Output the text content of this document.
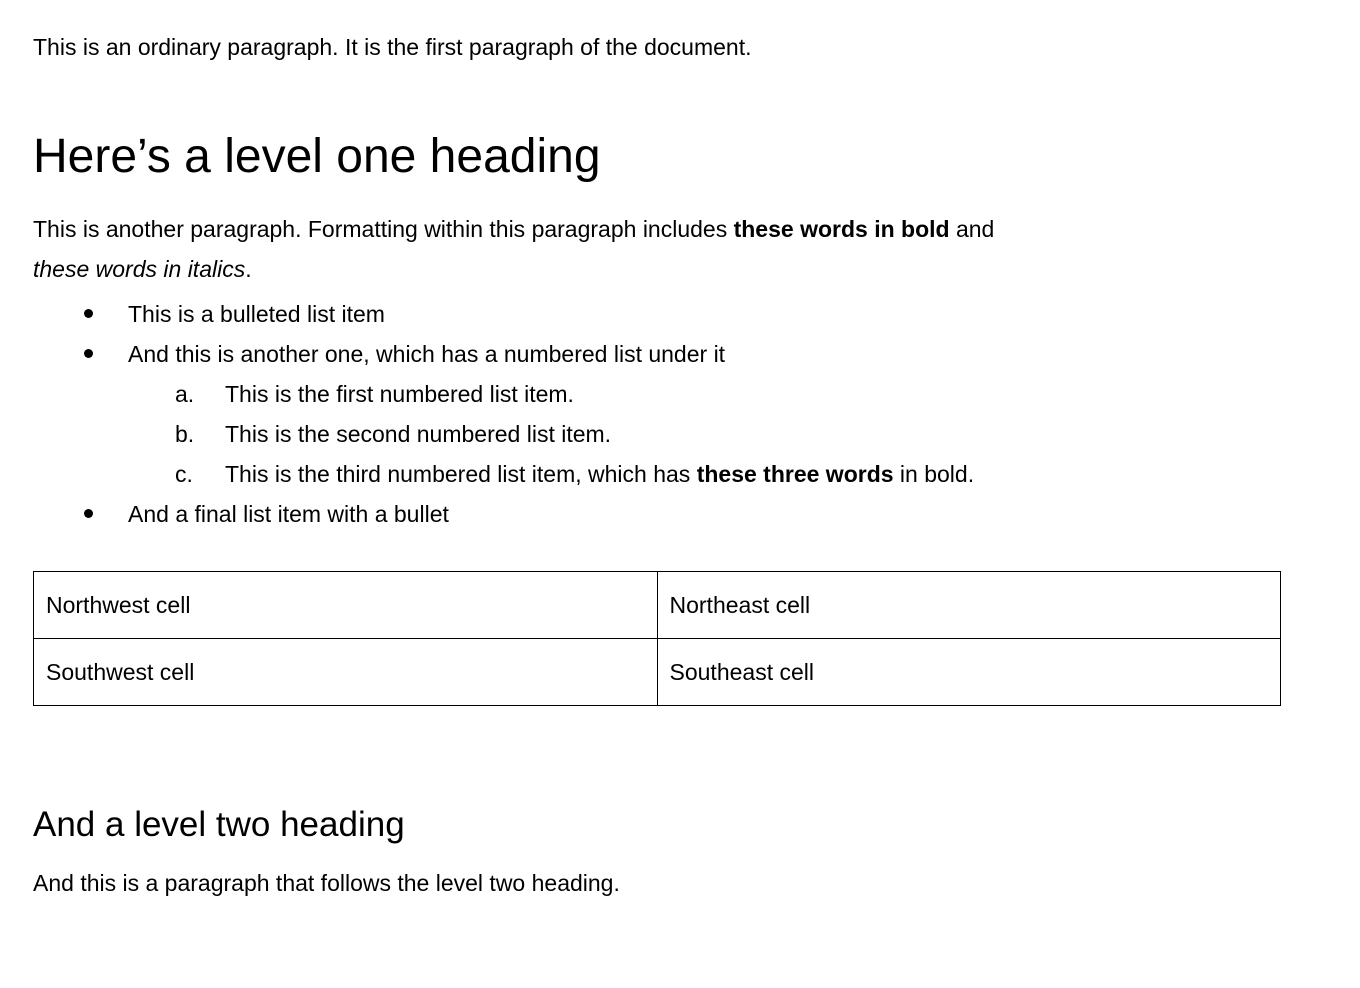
This is an ordinary paragraph. It is the first paragraph of the document.

Here’s a level one heading

This is another paragraph. Formatting within this paragraph includes these words in bold and
these words in italics.

This is a bulleted list item
And this is another one, which has a numbered list under it
a. This is the first numbered list item.
b. This is the second numbered list item.
c. This is the third numbered list item, which has these three words in bold.
And a final list item with a bullet
Northwest cell	Northeast cell
Southwest cell	Southeast cell
And a level two heading

And this is a paragraph that follows the level two heading.
